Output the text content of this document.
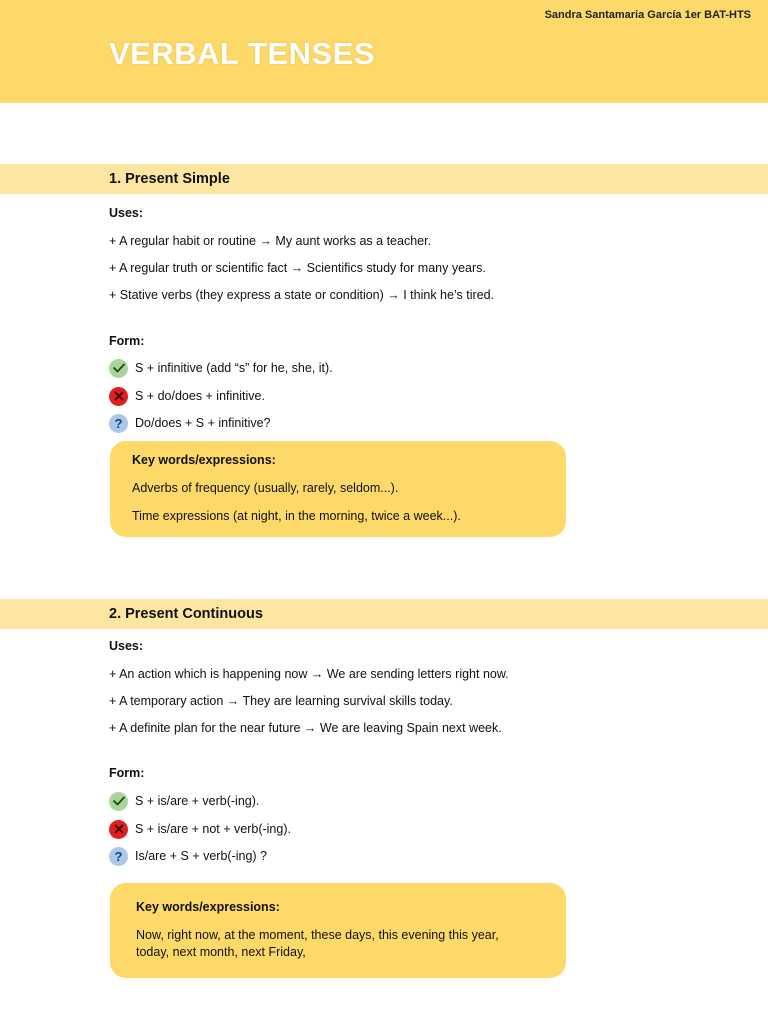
Sandra Santamaria García 1er BAT-HTS
VERBAL TENSES
1. Present Simple
Uses:
+ A regular habit or routine → My aunt works as a teacher.
+ A regular truth or scientific fact → Scientifics study for many years.
+ Stative verbs (they express a state or condition) → I think he’s tired.
Form:
S + infinitive (add “s” for he, she, it).
S + do/does + infinitive.
?	Do/does + S + infinitive?
Key words/expressions:
Adverbs of frequency (usually, rarely, seldom...).
Time expressions (at night, in the morning, twice a week...).
2. Present Continuous
Uses:
+ An action which is happening now → We are sending letters right now.
+ A temporary action → They are learning survival skills today.
+ A definite plan for the near future → We are leaving Spain next week.
Form:
S + is/are + verb(-ing).
S + is/are + not + verb(-ing).
?	Is/are + S + verb(-ing) ?
Key words/expressions:
Now, right now, at the moment, these days, this evening this year,
today, next month, next Friday,
